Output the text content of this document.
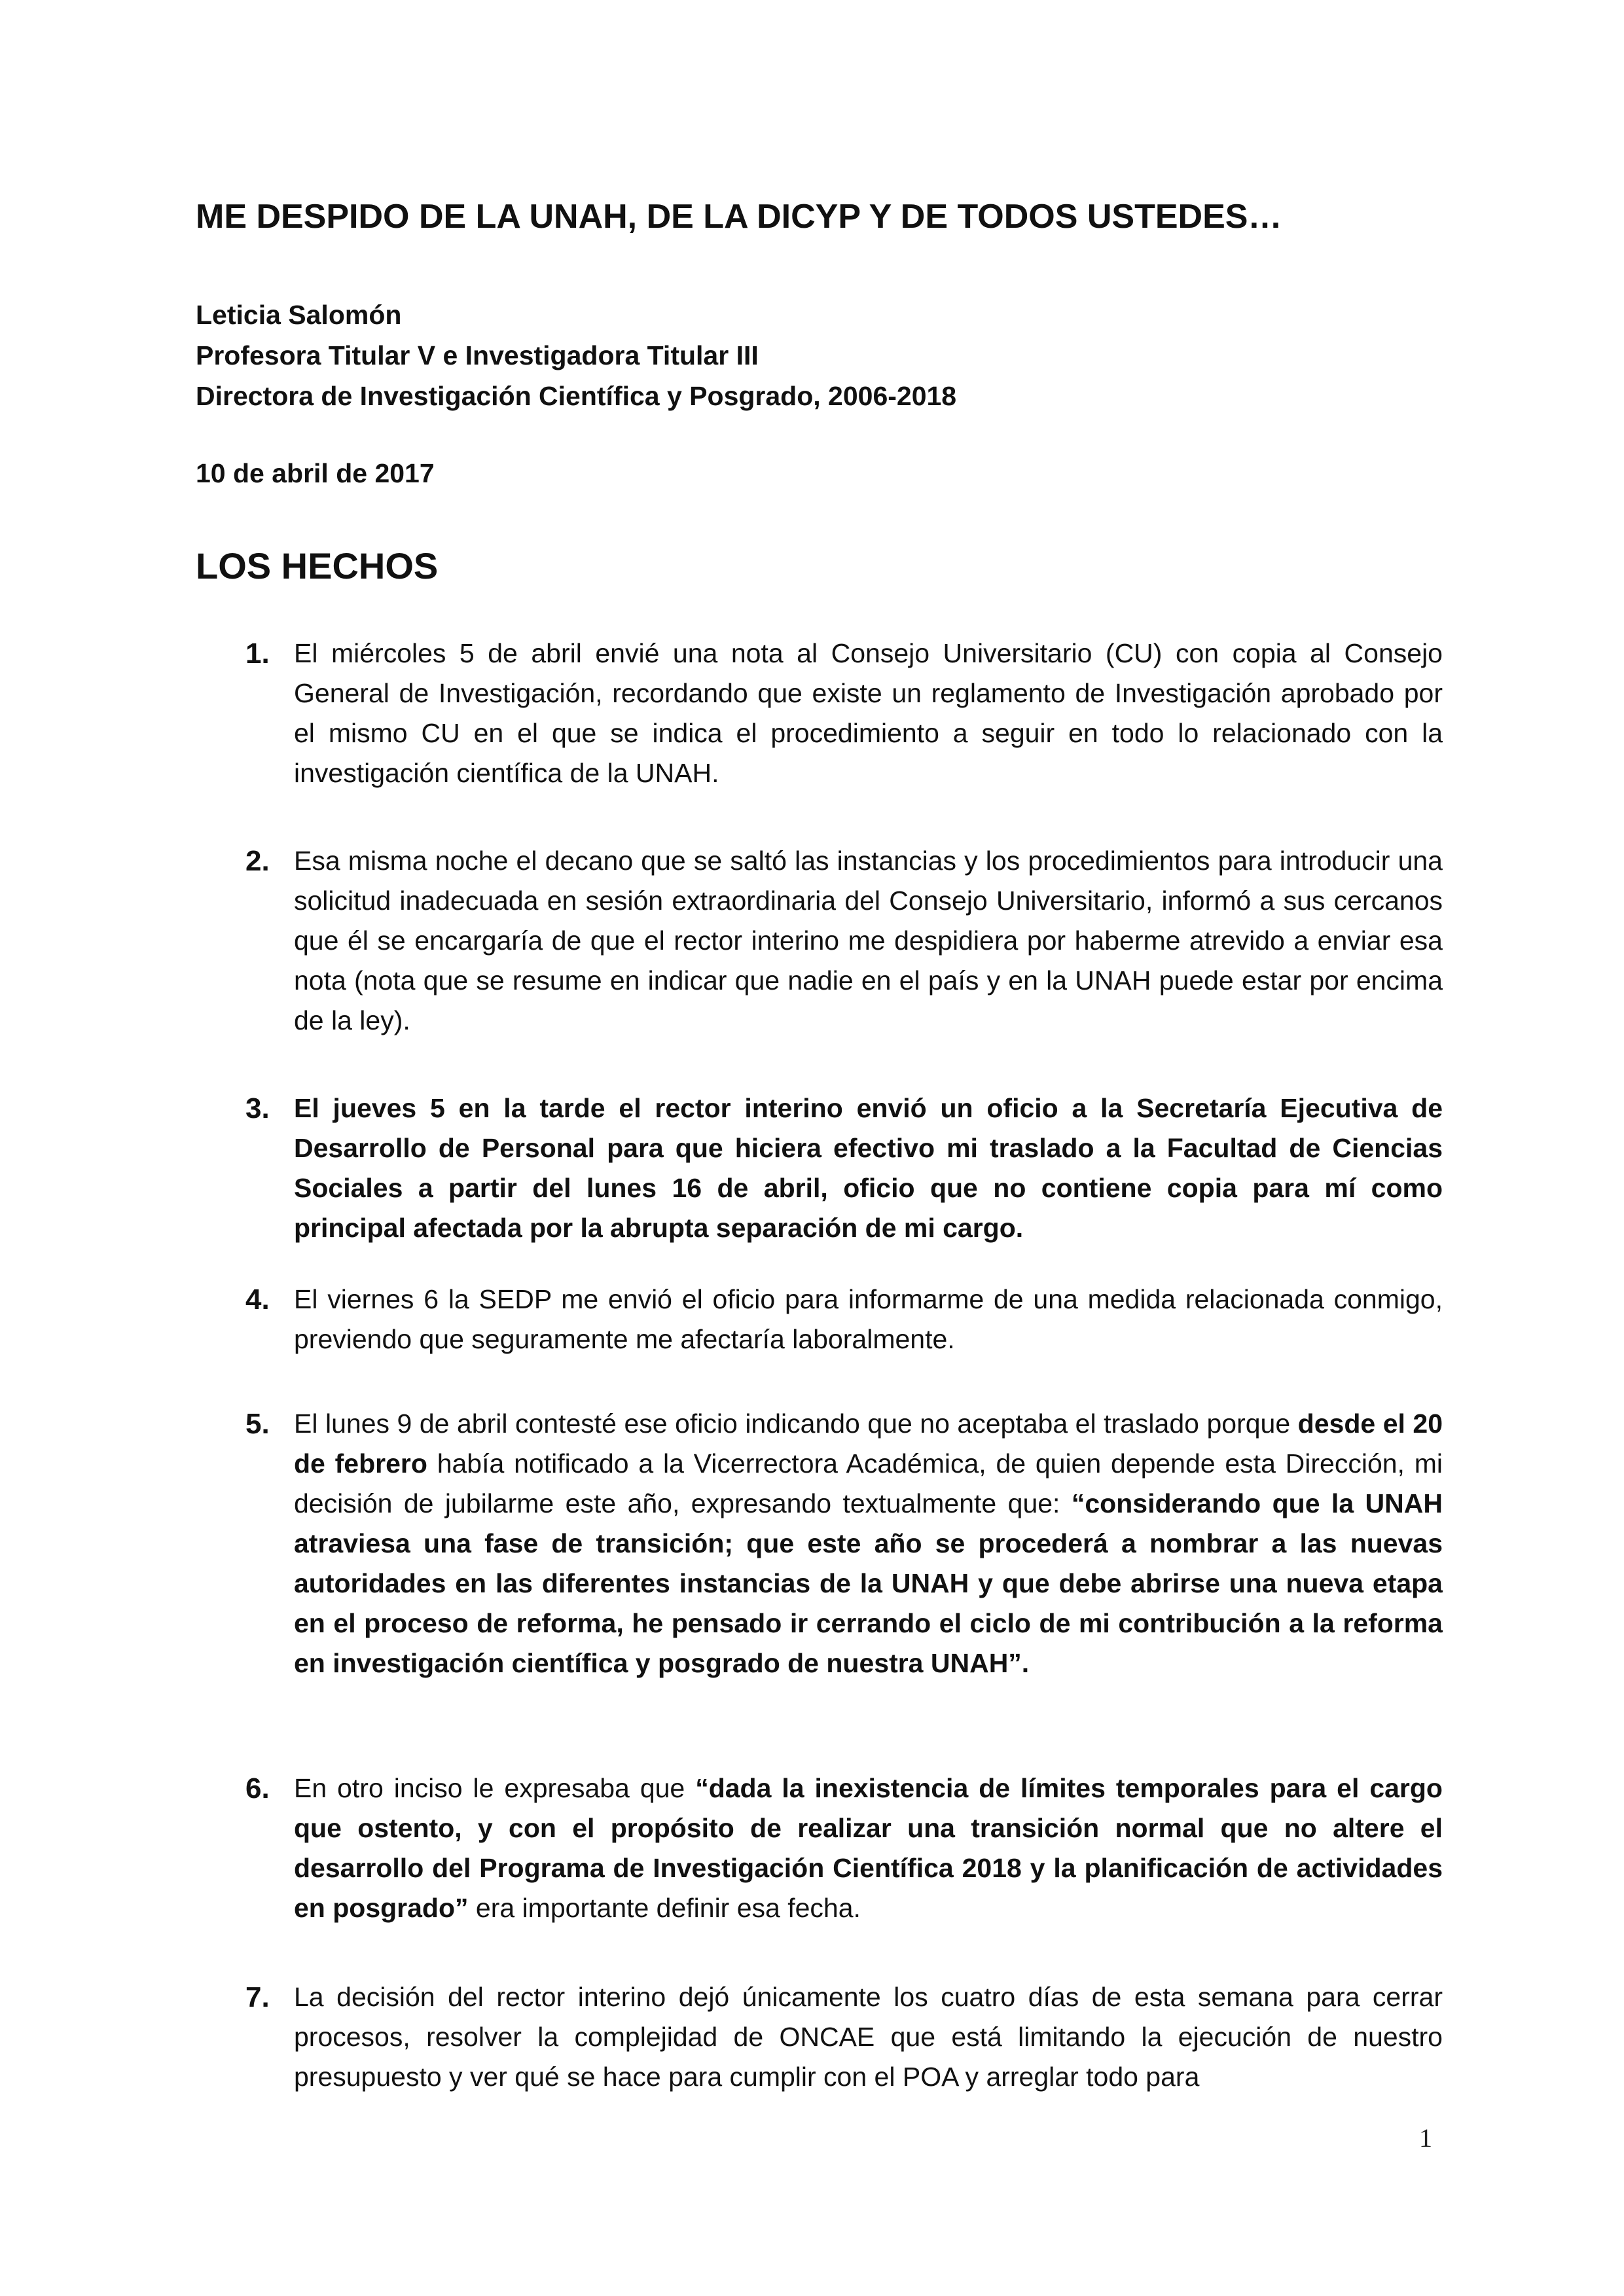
ME DESPIDO DE LA UNAH, DE LA DICYP Y DE TODOS USTEDES…
Leticia Salomón
Profesora Titular V e Investigadora Titular III
Directora de Investigación Científica y Posgrado, 2006-2018
10 de abril de 2017
LOS HECHOS
1. El miércoles 5 de abril envié una nota al Consejo Universitario (CU) con copia al Consejo General de Investigación, recordando que existe un reglamento de Investigación aprobado por el mismo CU en el que se indica el procedimiento a seguir en todo lo relacionado con la investigación científica de la UNAH.
2. Esa misma noche el decano que se saltó las instancias y los procedimientos para introducir una solicitud inadecuada en sesión extraordinaria del Consejo Universitario, informó a sus cercanos que él se encargaría de que el rector interino me despidiera por haberme atrevido a enviar esa nota (nota que se resume en indicar que nadie en el país y en la UNAH puede estar por encima de la ley).
3. El jueves 5 en la tarde el rector interino envió un oficio a la Secretaría Ejecutiva de Desarrollo de Personal para que hiciera efectivo mi traslado a la Facultad de Ciencias Sociales a partir del lunes 16 de abril, oficio que no contiene copia para mí como principal afectada por la abrupta separación de mi cargo.
4. El viernes 6 la SEDP me envió el oficio para informarme de una medida relacionada conmigo, previendo que seguramente me afectaría laboralmente.
5. El lunes 9 de abril contesté ese oficio indicando que no aceptaba el traslado porque desde el 20 de febrero había notificado a la Vicerrectora Académica, de quien depende esta Dirección, mi decisión de jubilarme este año, expresando textualmente que: “considerando que la UNAH atraviesa una fase de transición; que este año se procederá a nombrar a las nuevas autoridades en las diferentes instancias de la UNAH y que debe abrirse una nueva etapa en el proceso de reforma, he pensado ir cerrando el ciclo de mi contribución a la reforma en investigación científica y posgrado de nuestra UNAH”.
6. En otro inciso le expresaba que “dada la inexistencia de límites temporales para el cargo que ostento, y con el propósito de realizar una transición normal que no altere el desarrollo del Programa de Investigación Científica 2018 y la planificación de actividades en posgrado” era importante definir esa fecha.
7. La decisión del rector interino dejó únicamente los cuatro días de esta semana para cerrar procesos, resolver la complejidad de ONCAE que está limitando la ejecución de nuestro presupuesto y ver qué se hace para cumplir con el POA y arreglar todo para
1
